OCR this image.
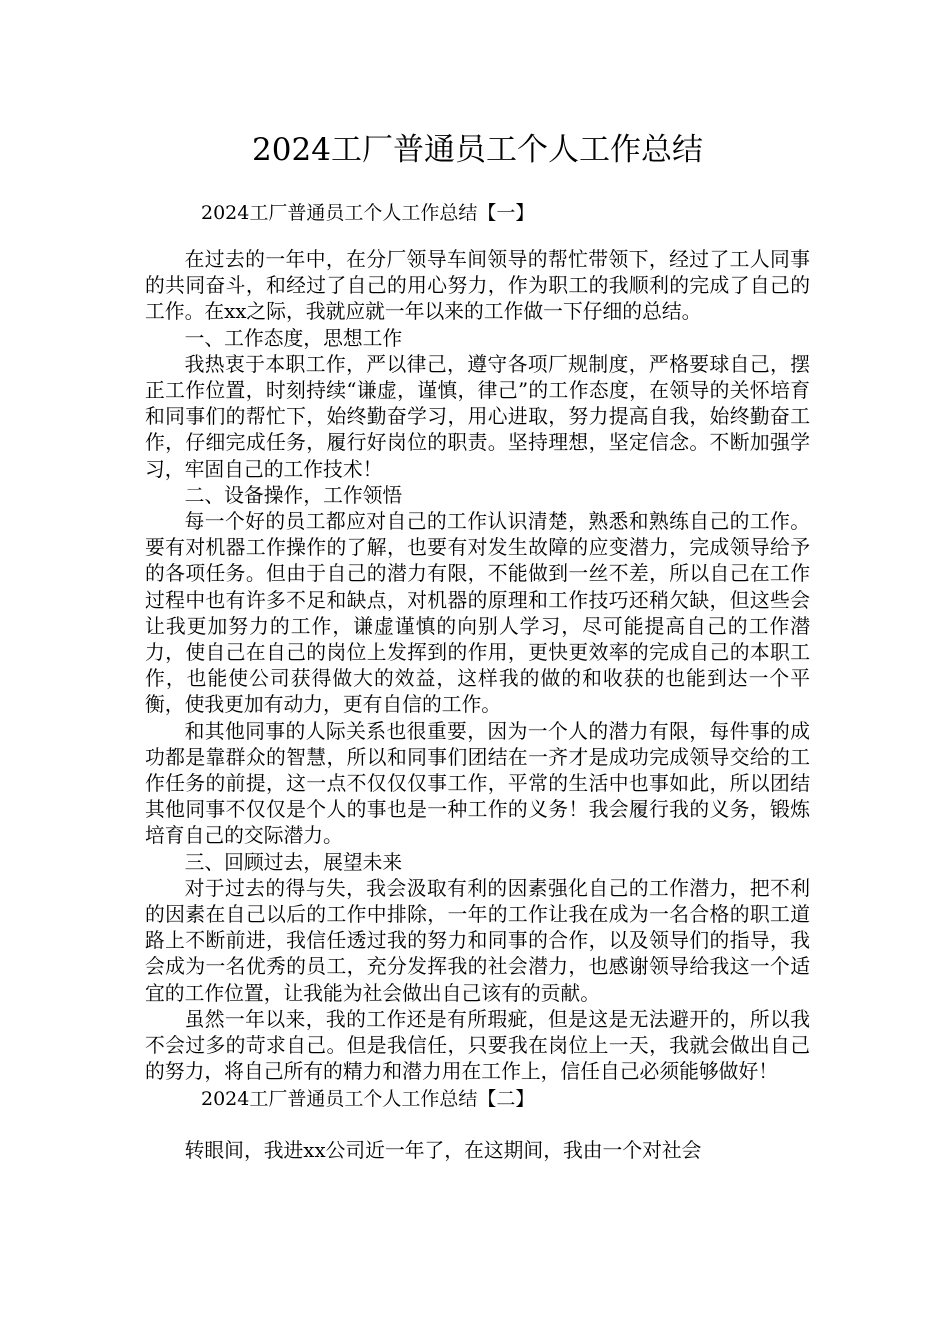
2024工厂普通员工个人工作总结
2024工厂普通员工个人工作总结【一】

在过去的一年中，在分厂领导车间领导的帮忙带领下，经过了工人同事的共同奋斗，和经过了自己的用心努力，作为职工的我顺利的完成了自己的工作。在xx之际，我就应就一年以来的工作做一下仔细的总结。

一、工作态度，思想工作

我热衷于本职工作，严以律己，遵守各项厂规制度，严格要球自己，摆正工作位置，时刻持续“谦虚，谨慎，律己”的工作态度，在领导的关怀培育和同事们的帮忙下，始终勤奋学习，用心进取，努力提高自我，始终勤奋工作，仔细完成任务，履行好岗位的职责。坚持理想，坚定信念。不断加强学习，牢固自己的工作技术！

二、设备操作，工作领悟

每一个好的员工都应对自己的工作认识清楚，熟悉和熟练自己的工作。要有对机器工作操作的了解，也要有对发生故障的应变潜力，完成领导给予的各项任务。但由于自己的潜力有限，不能做到一丝不差，所以自己在工作过程中也有许多不足和缺点，对机器的原理和工作技巧还稍欠缺，但这些会让我更加努力的工作，谦虚谨慎的向别人学习，尽可能提高自己的工作潜力，使自己在自己的岗位上发挥到的作用，更快更效率的完成自己的本职工作，也能使公司获得做大的效益，这样我的做的和收获的也能到达一个平衡，使我更加有动力，更有自信的工作。

和其他同事的人际关系也很重要，因为一个人的潜力有限，每件事的成功都是靠群众的智慧，所以和同事们团结在一齐才是成功完成领导交给的工作任务的前提，这一点不仅仅仅事工作，平常的生活中也事如此，所以团结其他同事不仅仅是个人的事也是一种工作的义务！我会履行我的义务，锻炼培育自己的交际潜力。

三、回顾过去，展望未来

对于过去的得与失，我会汲取有利的因素强化自己的工作潜力，把不利的因素在自己以后的工作中排除，一年的工作让我在成为一名合格的职工道路上不断前进，我信任透过我的努力和同事的合作，以及领导们的指导，我会成为一名优秀的员工，充分发挥我的社会潜力，也感谢领导给我这一个适宜的工作位置，让我能为社会做出自己该有的贡献。

虽然一年以来，我的工作还是有所瑕疵，但是这是无法避开的，所以我不会过多的苛求自己。但是我信任，只要我在岗位上一天，我就会做出自己的努力，将自己所有的精力和潜力用在工作上，信任自己必须能够做好！

2024工厂普通员工个人工作总结【二】

转眼间，我进xx公司近一年了，在这期间，我由一个对社会
